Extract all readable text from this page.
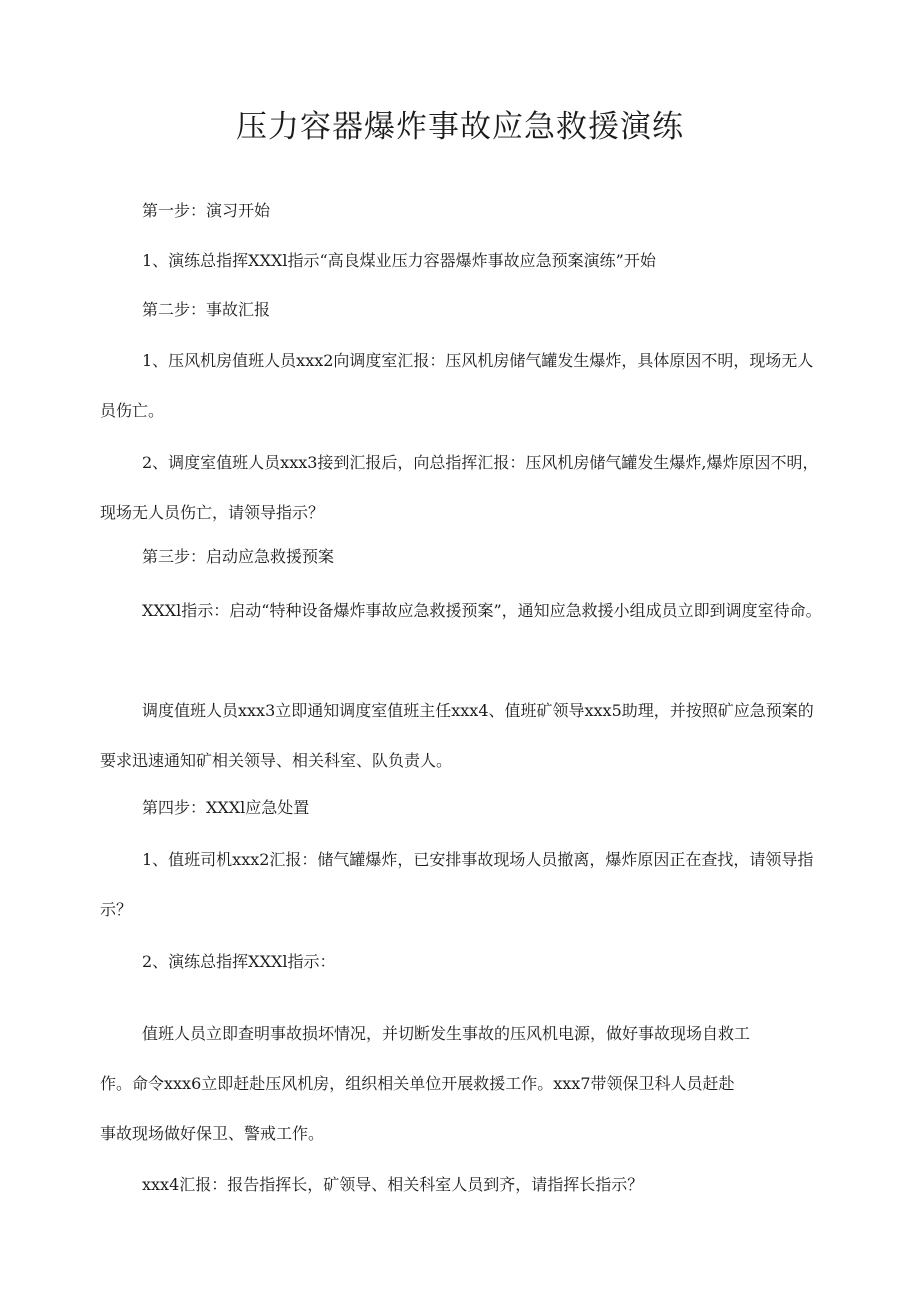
压力容器爆炸事故应急救援演练

第一步：演习开始

1、演练总指挥XXXl指示“高良煤业压力容器爆炸事故应急预案演练”开始

第二步：事故汇报

1、压风机房值班人员xxx2向调度室汇报：压风机房储气罐发生爆炸，具体原因不明，现场无人员伤亡。

2、调度室值班人员xxx3接到汇报后，向总指挥汇报：压风机房储气罐发生爆炸,爆炸原因不明，现场无人员伤亡，请领导指示？

第三步：启动应急救援预案

XXXl指示：启动“特种设备爆炸事故应急救援预案”，通知应急救援小组成员立即到调度室待命。

调度值班人员xxx3立即通知调度室值班主任xxx4、值班矿领导xxx5助理，并按照矿应急预案的要求迅速通知矿相关领导、相关科室、队负责人。

第四步：XXXl应急处置

1、值班司机xxx2汇报：储气罐爆炸，已安排事故现场人员撤离，爆炸原因正在查找，请领导指示？

2、演练总指挥XXXl指示：

值班人员立即查明事故损坏情况，并切断发生事故的压风机电源，做好事故现场自救工

作。命令xxx6立即赶赴压风机房，组织相关单位开展救援工作。xxx7带领保卫科人员赶赴

事故现场做好保卫、警戒工作。

xxx4汇报：报告指挥长，矿领导、相关科室人员到齐，请指挥长指示？
